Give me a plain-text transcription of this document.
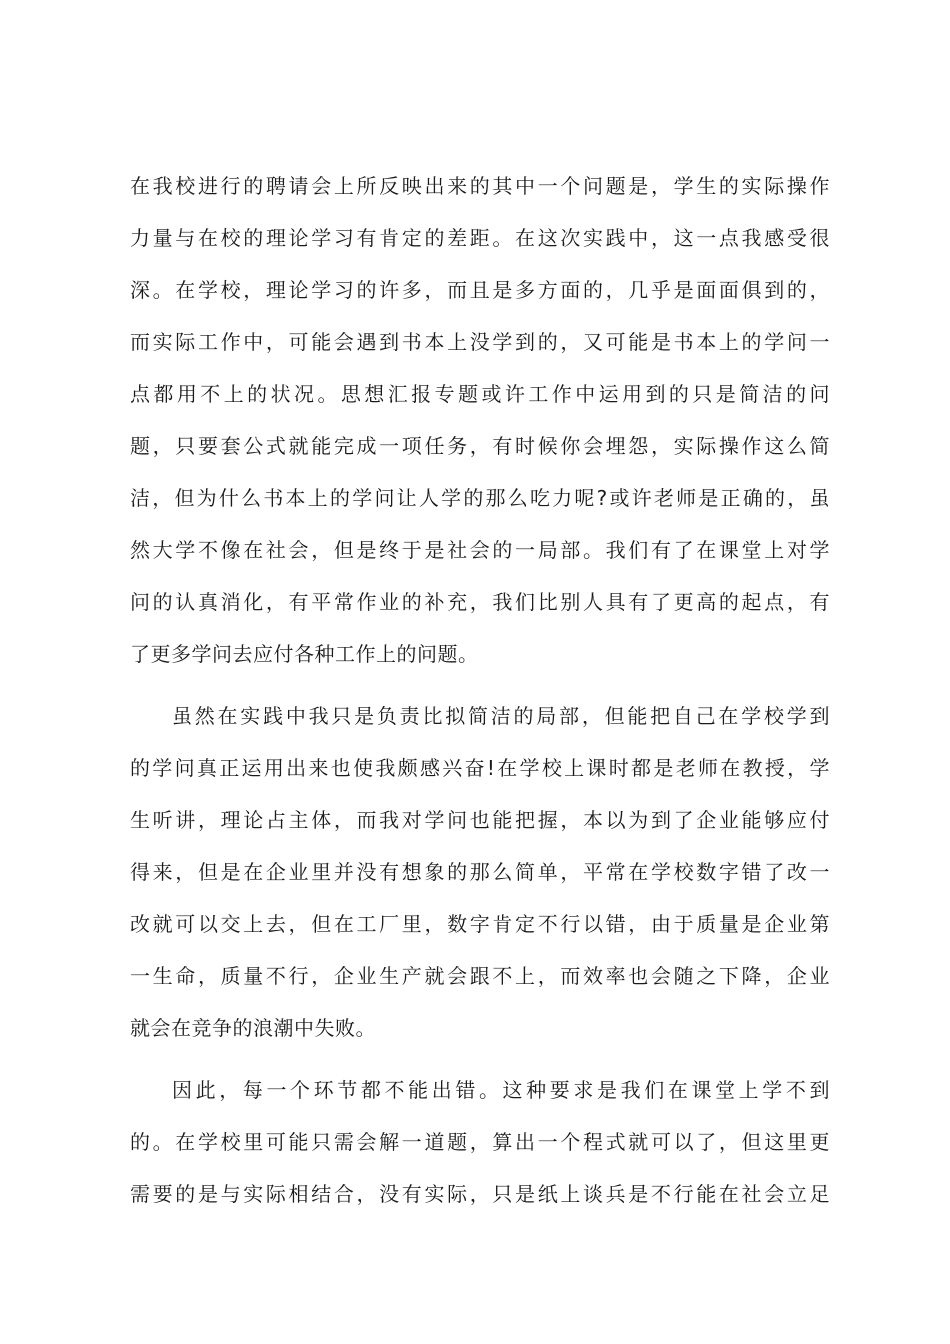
在我校进行的聘请会上所反映出来的其中一个问题是，学生的实际操作
力量与在校的理论学习有肯定的差距。在这次实践中，这一点我感受很
深。在学校，理论学习的许多，而且是多方面的，几乎是面面俱到的，
而实际工作中，可能会遇到书本上没学到的，又可能是书本上的学问一
点都用不上的状况。思想汇报专题或许工作中运用到的只是简洁的问
题，只要套公式就能完成一项任务，有时候你会埋怨，实际操作这么简
洁，但为什么书本上的学问让人学的那么吃力呢?或许老师是正确的，虽
然大学不像在社会，但是终于是社会的一局部。我们有了在课堂上对学
问的认真消化，有平常作业的补充，我们比别人具有了更高的起点，有
了更多学问去应付各种工作上的问题。
虽然在实践中我只是负责比拟简洁的局部，但能把自己在学校学到
的学问真正运用出来也使我颇感兴奋!在学校上课时都是老师在教授，学
生听讲，理论占主体，而我对学问也能把握，本以为到了企业能够应付
得来，但是在企业里并没有想象的那么简单，平常在学校数字错了改一
改就可以交上去，但在工厂里，数字肯定不行以错，由于质量是企业第
一生命，质量不行，企业生产就会跟不上，而效率也会随之下降，企业
就会在竞争的浪潮中失败。
因此，每一个环节都不能出错。这种要求是我们在课堂上学不到
的。在学校里可能只需会解一道题，算出一个程式就可以了，但这里更
需要的是与实际相结合，没有实际，只是纸上谈兵是不行能在社会立足
